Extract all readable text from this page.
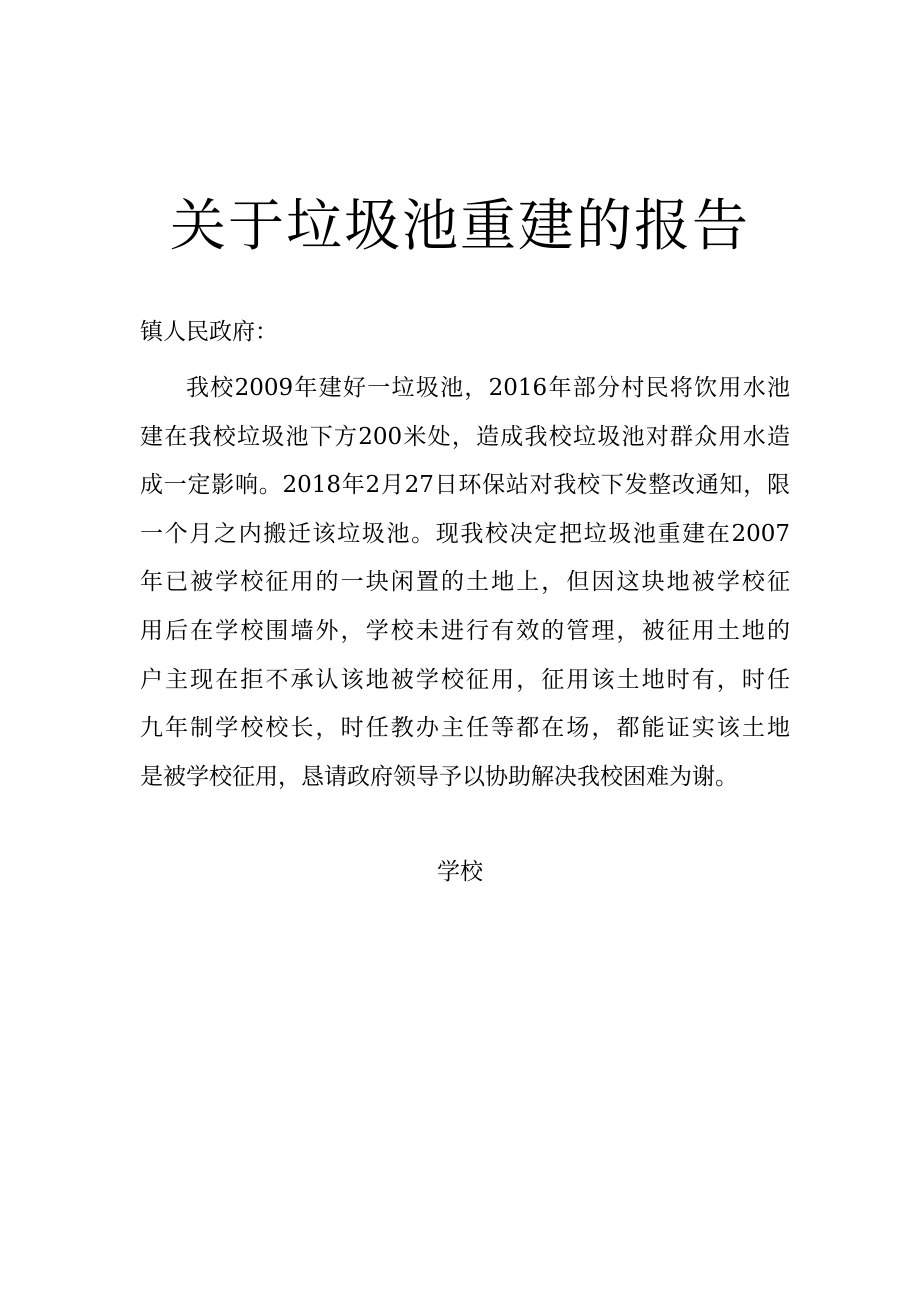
关于垃圾池重建的报告

镇人民政府：

我校2009年建好一垃圾池，2016年部分村民将饮用水池
建在我校垃圾池下方200米处，造成我校垃圾池对群众用水造
成一定影响。2018年2月27日环保站对我校下发整改通知，限
一个月之内搬迁该垃圾池。现我校决定把垃圾池重建在2007
年已被学校征用的一块闲置的土地上，但因这块地被学校征
用后在学校围墙外，学校未进行有效的管理，被征用土地的
户主现在拒不承认该地被学校征用，征用该土地时有，时任
九年制学校校长，时任教办主任等都在场，都能证实该土地
是被学校征用，恳请政府领导予以协助解决我校困难为谢。

学校
